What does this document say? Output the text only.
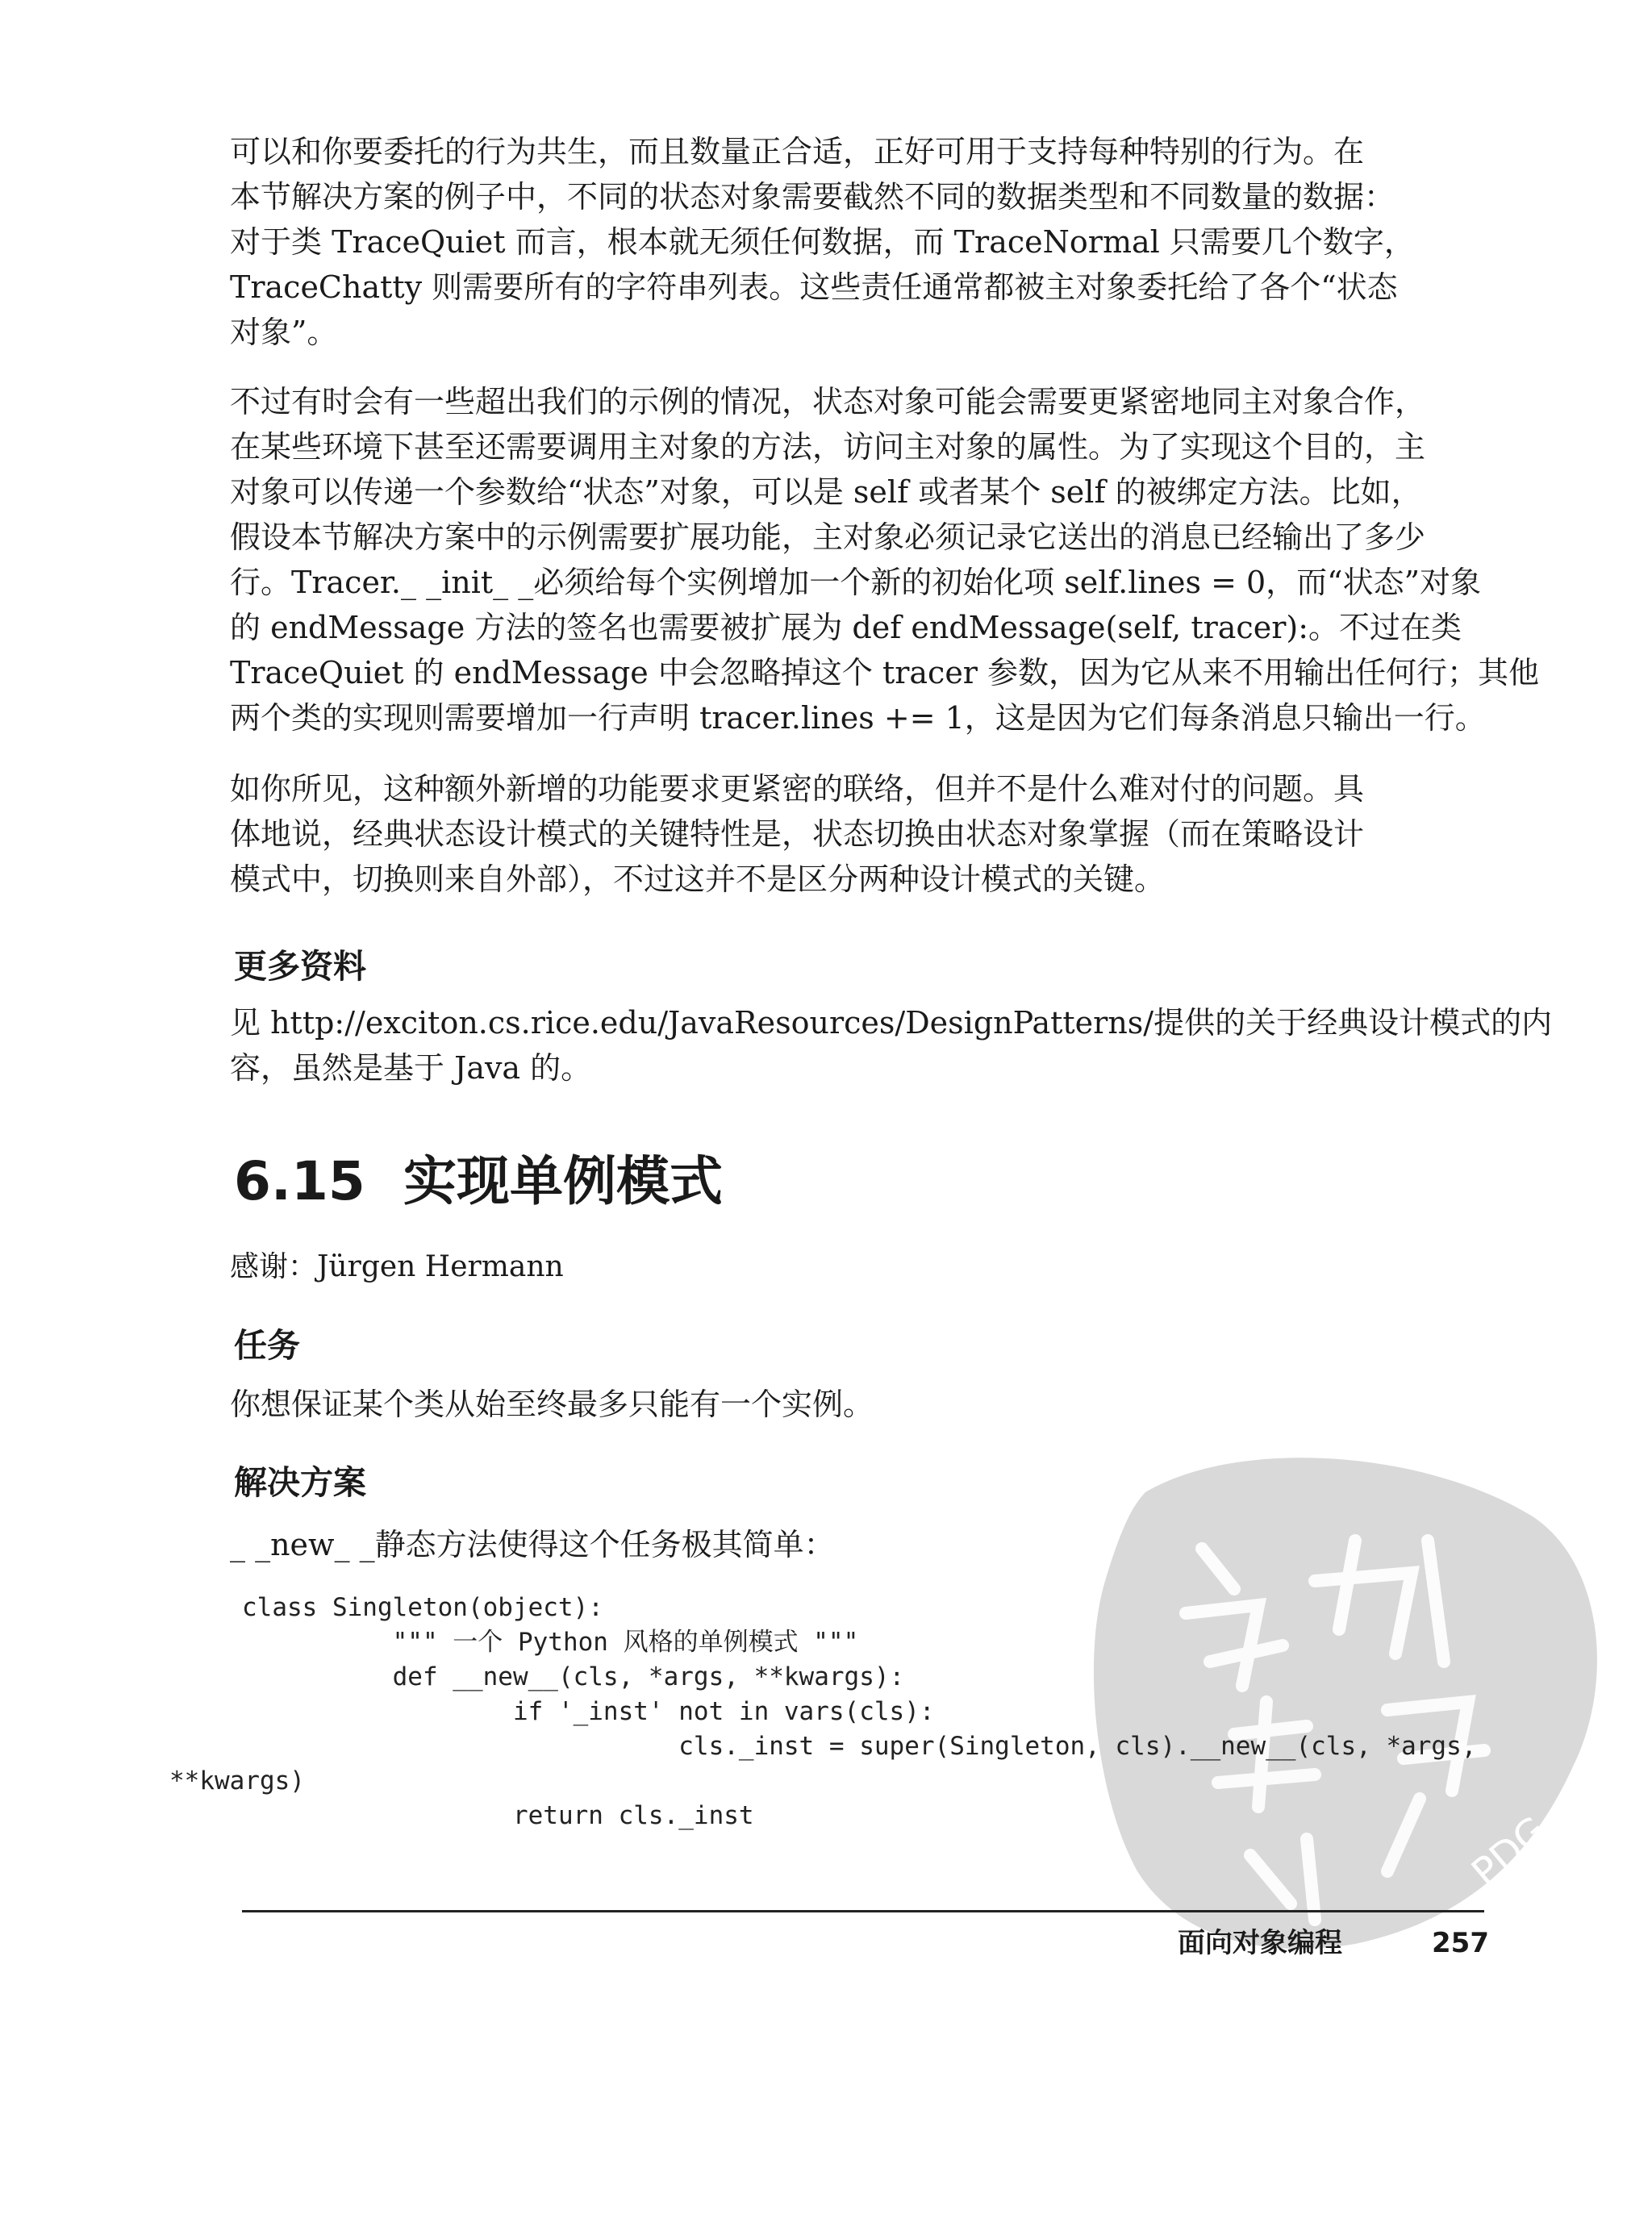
可以和你要委托的行为共生，而且数量正合适，正好可用于支持每种特别的行为。在
本节解决方案的例子中，不同的状态对象需要截然不同的数据类型和不同数量的数据：
对于类 TraceQuiet 而言，根本就无须任何数据，而 TraceNormal 只需要几个数字，
TraceChatty 则需要所有的字符串列表。这些责任通常都被主对象委托给了各个“状态
对象”。
不过有时会有一些超出我们的示例的情况，状态对象可能会需要更紧密地同主对象合作，
在某些环境下甚至还需要调用主对象的方法，访问主对象的属性。为了实现这个目的，主
对象可以传递一个参数给“状态”对象，可以是 self 或者某个 self 的被绑定方法。比如，
假设本节解决方案中的示例需要扩展功能，主对象必须记录它送出的消息已经输出了多少
行。Tracer._ _init_ _必须给每个实例增加一个新的初始化项 self.lines = 0，而“状态”对象
的 endMessage 方法的签名也需要被扩展为 def endMessage(self, tracer):。不过在类
TraceQuiet 的 endMessage 中会忽略掉这个 tracer 参数，因为它从来不用输出任何行；其他
两个类的实现则需要增加一行声明 tracer.lines += 1，这是因为它们每条消息只输出一行。
如你所见，这种额外新增的功能要求更紧密的联络，但并不是什么难对付的问题。具
体地说，经典状态设计模式的关键特性是，状态切换由状态对象掌握（而在策略设计
模式中，切换则来自外部），不过这并不是区分两种设计模式的关键。
更多资料
见 http://exciton.cs.rice.edu/JavaResources/DesignPatterns/提供的关于经典设计模式的内
容，虽然是基于 Java 的。
6.15 实现单例模式
感谢：Jürgen Hermann
任务
你想保证某个类从始至终最多只能有一个实例。
解决方案
_ _new_ _静态方法使得这个任务极其简单：
PDG
class Singleton(object):
""" 一个 Python 风格的单例模式 """
def __new__(cls, *args, **kwargs):
if '_inst' not in vars(cls):
cls._inst = super(Singleton, cls).__new__(cls, *args,
**kwargs)
return cls._inst
面向对象编程	257
